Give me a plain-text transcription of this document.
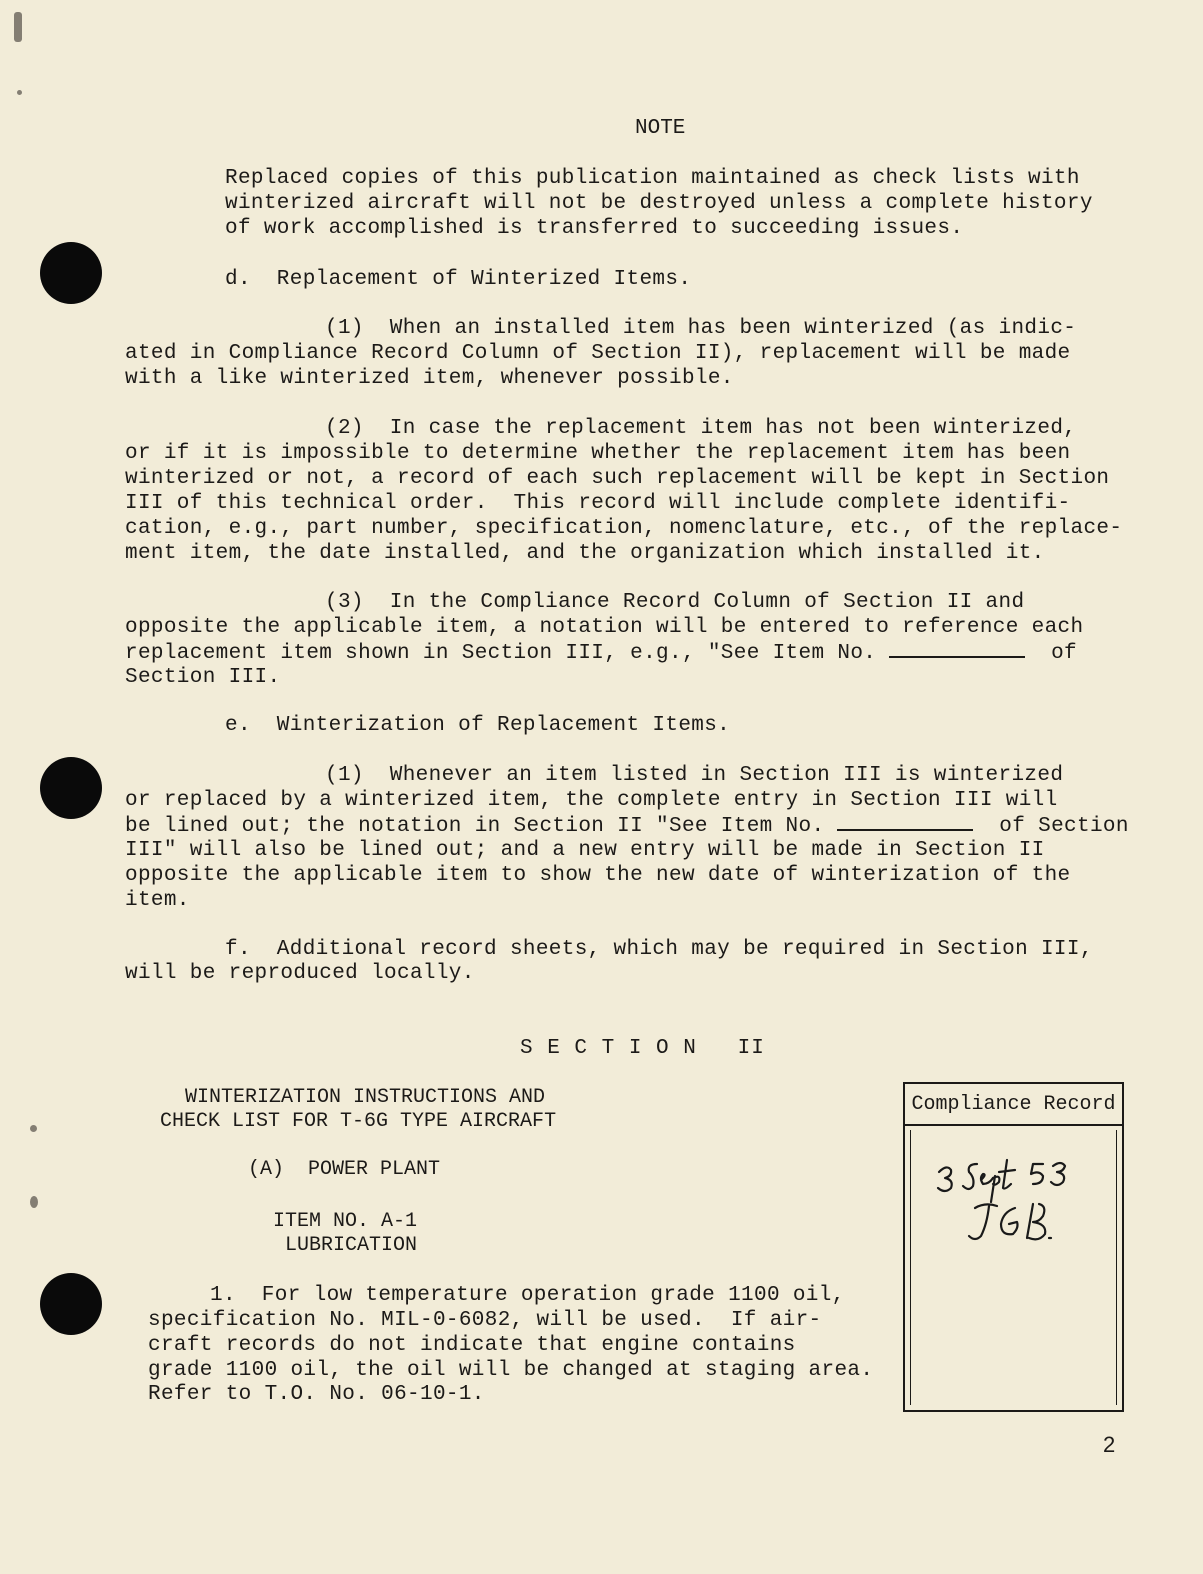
NOTE
Replaced copies of this publication maintained as check lists with
winterized aircraft will not be destroyed unless a complete history
of work accomplished is transferred to succeeding issues.
d.  Replacement of Winterized Items.
(1)  When an installed item has been winterized (as indic-
ated in Compliance Record Column of Section II), replacement will be made
with a like winterized item, whenever possible.
(2)  In case the replacement item has not been winterized,
or if it is impossible to determine whether the replacement item has been
winterized or not, a record of each such replacement will be kept in Section
III of this technical order.  This record will include complete identifi-
cation, e.g., part number, specification, nomenclature, etc., of the replace-
ment item, the date installed, and the organization which installed it.
(3)  In the Compliance Record Column of Section II and
opposite the applicable item, a notation will be entered to reference each
replacement item shown in Section III, e.g., "See Item No.	of
Section III.
e.  Winterization of Replacement Items.
(1)  Whenever an item listed in Section III is winterized
or replaced by a winterized item, the complete entry in Section III will
be lined out; the notation in Section II "See Item No.	of Section
III" will also be lined out; and a new entry will be made in Section II
opposite the applicable item to show the new date of winterization of the
item.
f.  Additional record sheets, which may be required in Section III,
will be reproduced locally.
S E C T I O N   II
WINTERIZATION INSTRUCTIONS AND
CHECK LIST FOR T-6G TYPE AIRCRAFT
(A)  POWER PLANT
ITEM NO. A-1
LUBRICATION
1.  For low temperature operation grade 1100 oil,
specification No. MIL-0-6082, will be used.  If air-
craft records do not indicate that engine contains
grade 1100 oil, the oil will be changed at staging area.
Refer to T.O. No. 06-10-1.
Compliance Record
2
